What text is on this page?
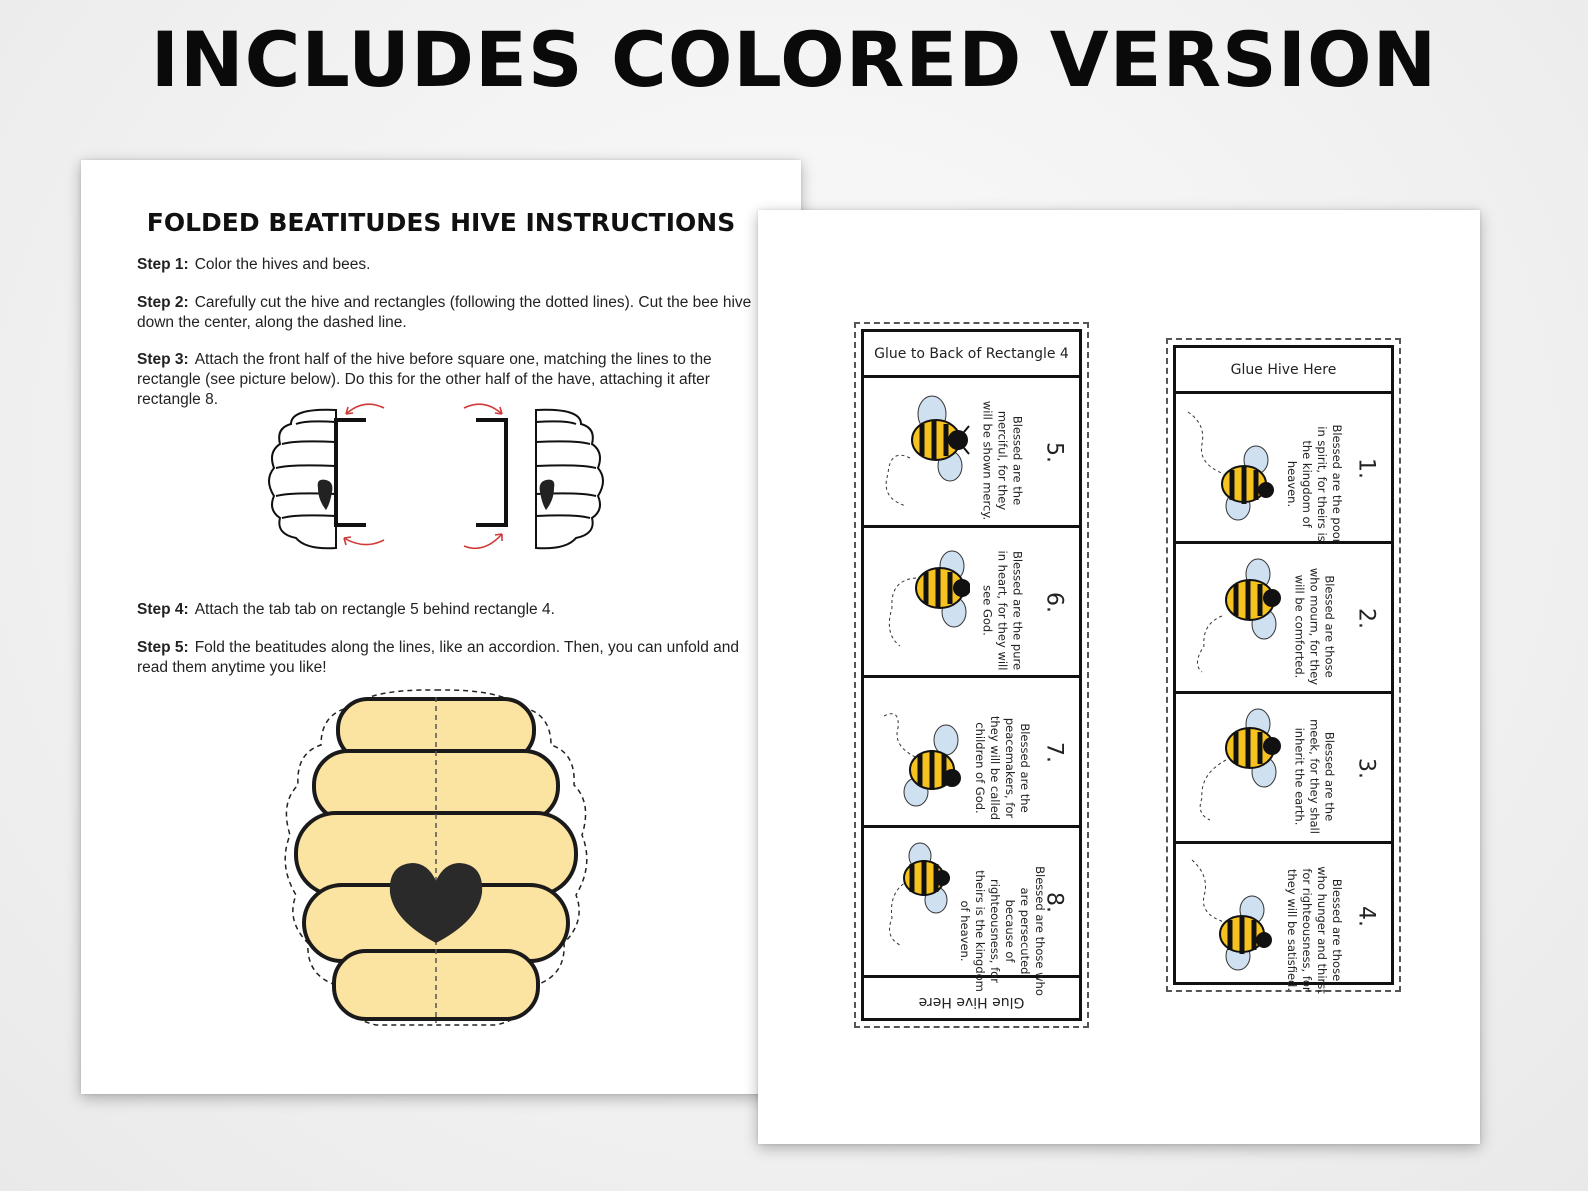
INCLUDES COLORED VERSION
FOLDED BEATITUDES HIVE INSTRUCTIONS
Step 1: Color the hives and bees.
Step 2: Carefully cut the hive and rectangles (following the dotted lines). Cut the bee hive down the center, along the dashed line.
Step 3: Attach the front half of the hive before square one, matching the lines to the rectangle (see picture below). Do this for the other half of the have, attaching it after rectangle 8.
Step 4: Attach the tab tab on rectangle 5 behind rectangle 4.
Step 5: Fold the beatitudes along the lines, like an accordion. Then, you can unfold and read them anytime you like!
Glue to Back of Rectangle 4
5.
Blessed are the merciful, for they will be shown mercy.
6.
Blessed are the pure in heart, for they will see God.
7.
Blessed are the peacemakers, for they will be called children of God.
8.
Blessed are those who are persecuted because of righteousness, for theirs is the kingdom of heaven.
Glue Hive Here
Glue Hive Here
1.
Blessed are the poor in spirit, for theirs is the kingdom of heaven.
2.
Blessed are those who mourn, for they will be comforted.
3.
Blessed are the meek, for they shall inherit the earth.
4.
Blessed are those who hunger and thirst for righteousness, for they will be satisfied.
